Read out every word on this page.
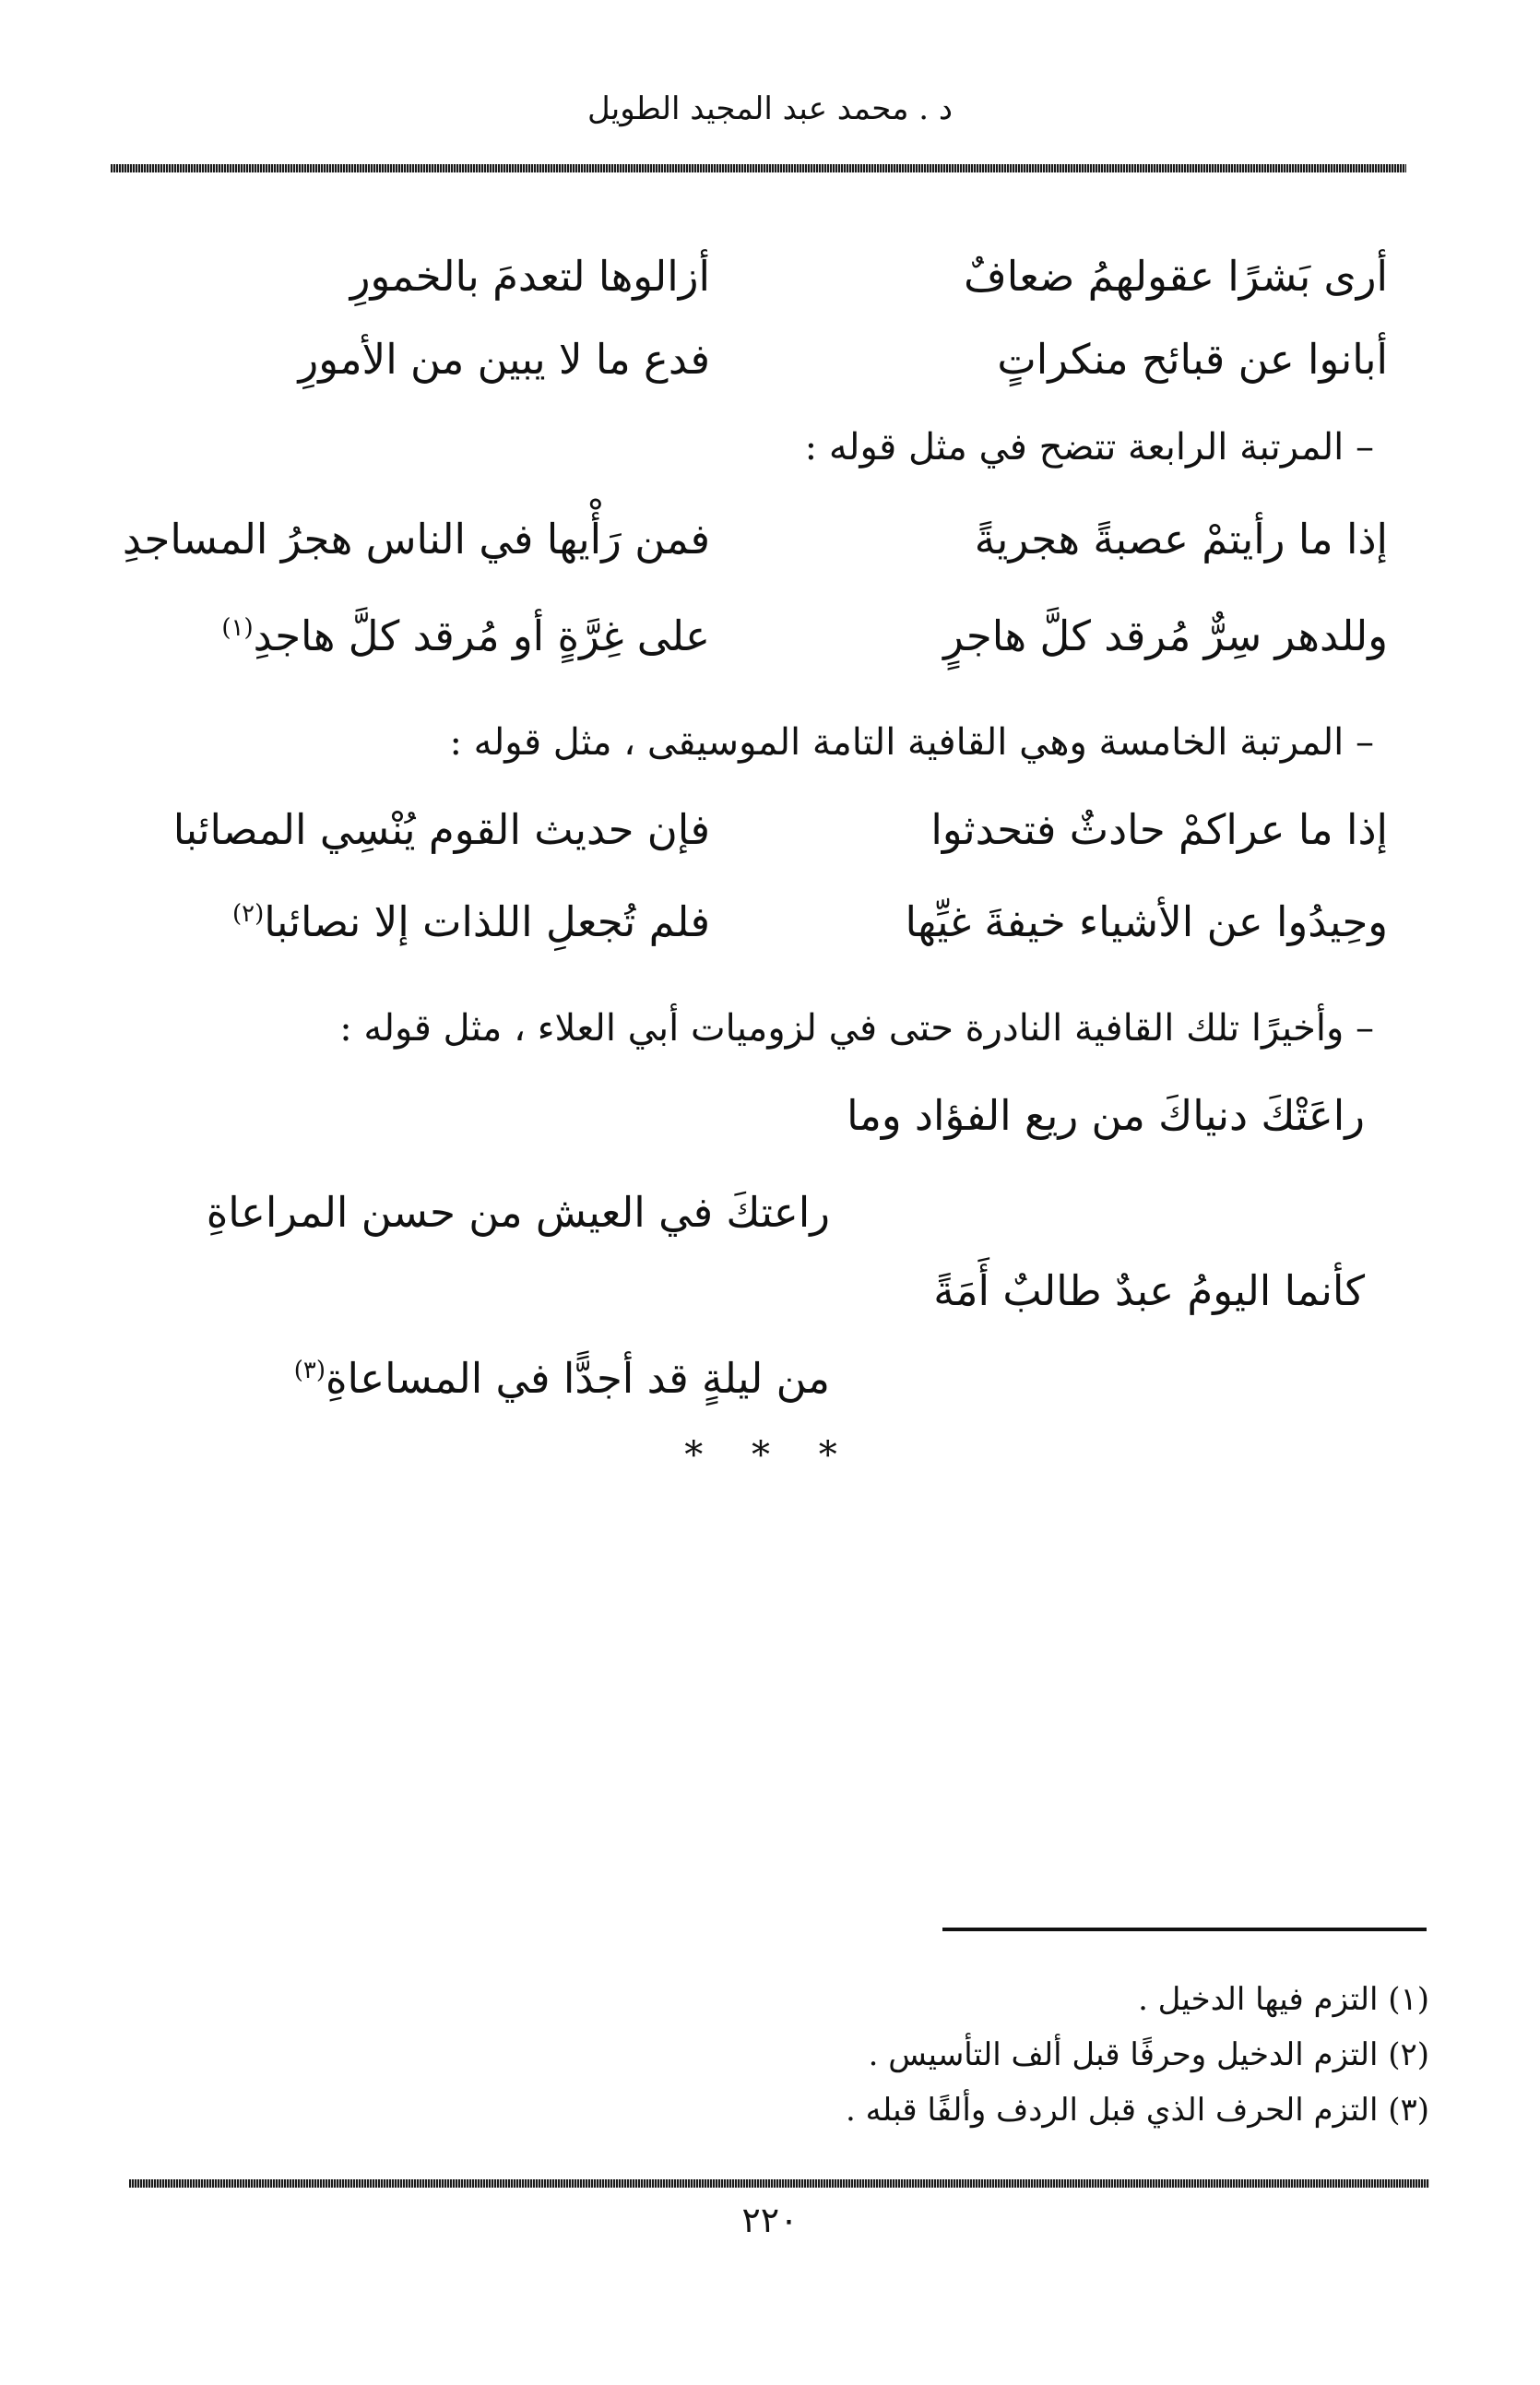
د . محمد عبد المجيد الطويل
أرى بَشرًا عقولهمُ ضعافٌ
أزالوها لتعدمَ بالخمورِ
أبانوا عن قبائح منكراتٍ
فدع ما لا يبين من الأمورِ
– المرتبة الرابعة تتضح في مثل قوله :
إذا ما رأيتمْ عصبةً هجريةً
فمن رَأْيها في الناس هجرُ المساجدِ
وللدهر سِرٌّ مُرقد كلَّ هاجرٍ
على غِرَّةٍ أو مُرقد كلَّ هاجدِ$^{(١)}$
– المرتبة الخامسة وهي القافية التامة الموسيقى ، مثل قوله :
إذا ما عراكمْ حادثٌ فتحدثوا
فإن حديث القوم يُنْسِي المصائبا
وحِيدُوا عن الأشياء خيفةَ غيِّها
فلم تُجعلِ اللذات إلا نصائبا$^{(٢)}$
– وأخيرًا تلك القافية النادرة حتى في لزوميات أبي العلاء ، مثل قوله :
راعَتْكَ دنياكَ من ريع الفؤاد وما
راعتكَ في العيش من حسن المراعاةِ
كأنما اليومُ عبدٌ طالبٌ أَمَةً
من ليلةٍ قد أجدًّا في المساعاةِ$^{(٣)}$
* * *
(١) التزم فيها الدخيل .
(٢) التزم الدخيل وحرفًا قبل ألف التأسيس .
(٣) التزم الحرف الذي قبل الردف وألفًا قبله .
٢٢٠
